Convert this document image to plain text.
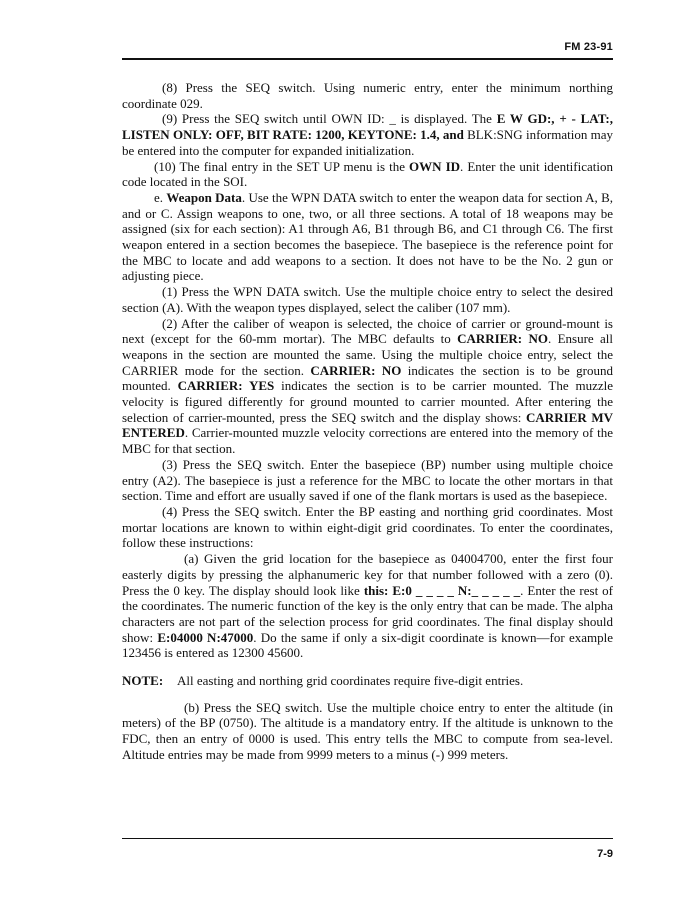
FM 23-91

(8) Press the SEQ switch. Using numeric entry, enter the minimum northing coordinate 029.

(9) Press the SEQ switch until OWN ID: _ is displayed. The E W GD:, + - LAT:, LISTEN ONLY: OFF, BIT RATE: 1200, KEYTONE: 1.4, and BLK:SNG information may be entered into the computer for expanded initialization.

(10) The final entry in the SET UP menu is the OWN ID. Enter the unit identification code located in the SOI.

e. Weapon Data. Use the WPN DATA switch to enter the weapon data for section A, B, and or C. Assign weapons to one, two, or all three sections. A total of 18 weapons may be assigned (six for each section): A1 through A6, B1 through B6, and C1 through C6. The first weapon entered in a section becomes the basepiece. The basepiece is the reference point for the MBC to locate and add weapons to a section. It does not have to be the No. 2 gun or adjusting piece.

(1) Press the WPN DATA switch. Use the multiple choice entry to select the desired section (A). With the weapon types displayed, select the caliber (107 mm).

(2) After the caliber of weapon is selected, the choice of carrier or ground-mount is next (except for the 60-mm mortar). The MBC defaults to CARRIER: NO. Ensure all weapons in the section are mounted the same. Using the multiple choice entry, select the CARRIER mode for the section. CARRIER: NO indicates the section is to be ground mounted. CARRIER: YES indicates the section is to be carrier mounted. The muzzle velocity is figured differently for ground mounted to carrier mounted. After entering the selection of carrier-mounted, press the SEQ switch and the display shows: CARRIER MV ENTERED. Carrier-mounted muzzle velocity corrections are entered into the memory of the MBC for that section.

(3) Press the SEQ switch. Enter the basepiece (BP) number using multiple choice entry (A2). The basepiece is just a reference for the MBC to locate the other mortars in that section. Time and effort are usually saved if one of the flank mortars is used as the basepiece.

(4) Press the SEQ switch. Enter the BP easting and northing grid coordinates. Most mortar locations are known to within eight-digit grid coordinates. To enter the coordinates, follow these instructions:

(a) Given the grid location for the basepiece as 04004700, enter the first four easterly digits by pressing the alphanumeric key for that number followed with a zero (0). Press the 0 key. The display should look like this: E:0 _ _ _ _ N:_ _ _ _ _. Enter the rest of the coordinates. The numeric function of the key is the only entry that can be made. The alpha characters are not part of the selection process for grid coordinates. The final display should show: E:04000 N:47000. Do the same if only a six-digit coordinate is known—for example 123456 is entered as 12300 45600.

NOTE: All easting and northing grid coordinates require five-digit entries.

(b) Press the SEQ switch. Use the multiple choice entry to enter the altitude (in meters) of the BP (0750). The altitude is a mandatory entry. If the altitude is unknown to the FDC, then an entry of 0000 is used. This entry tells the MBC to compute from sea-level. Altitude entries may be made from 9999 meters to a minus (-) 999 meters.

7-9
